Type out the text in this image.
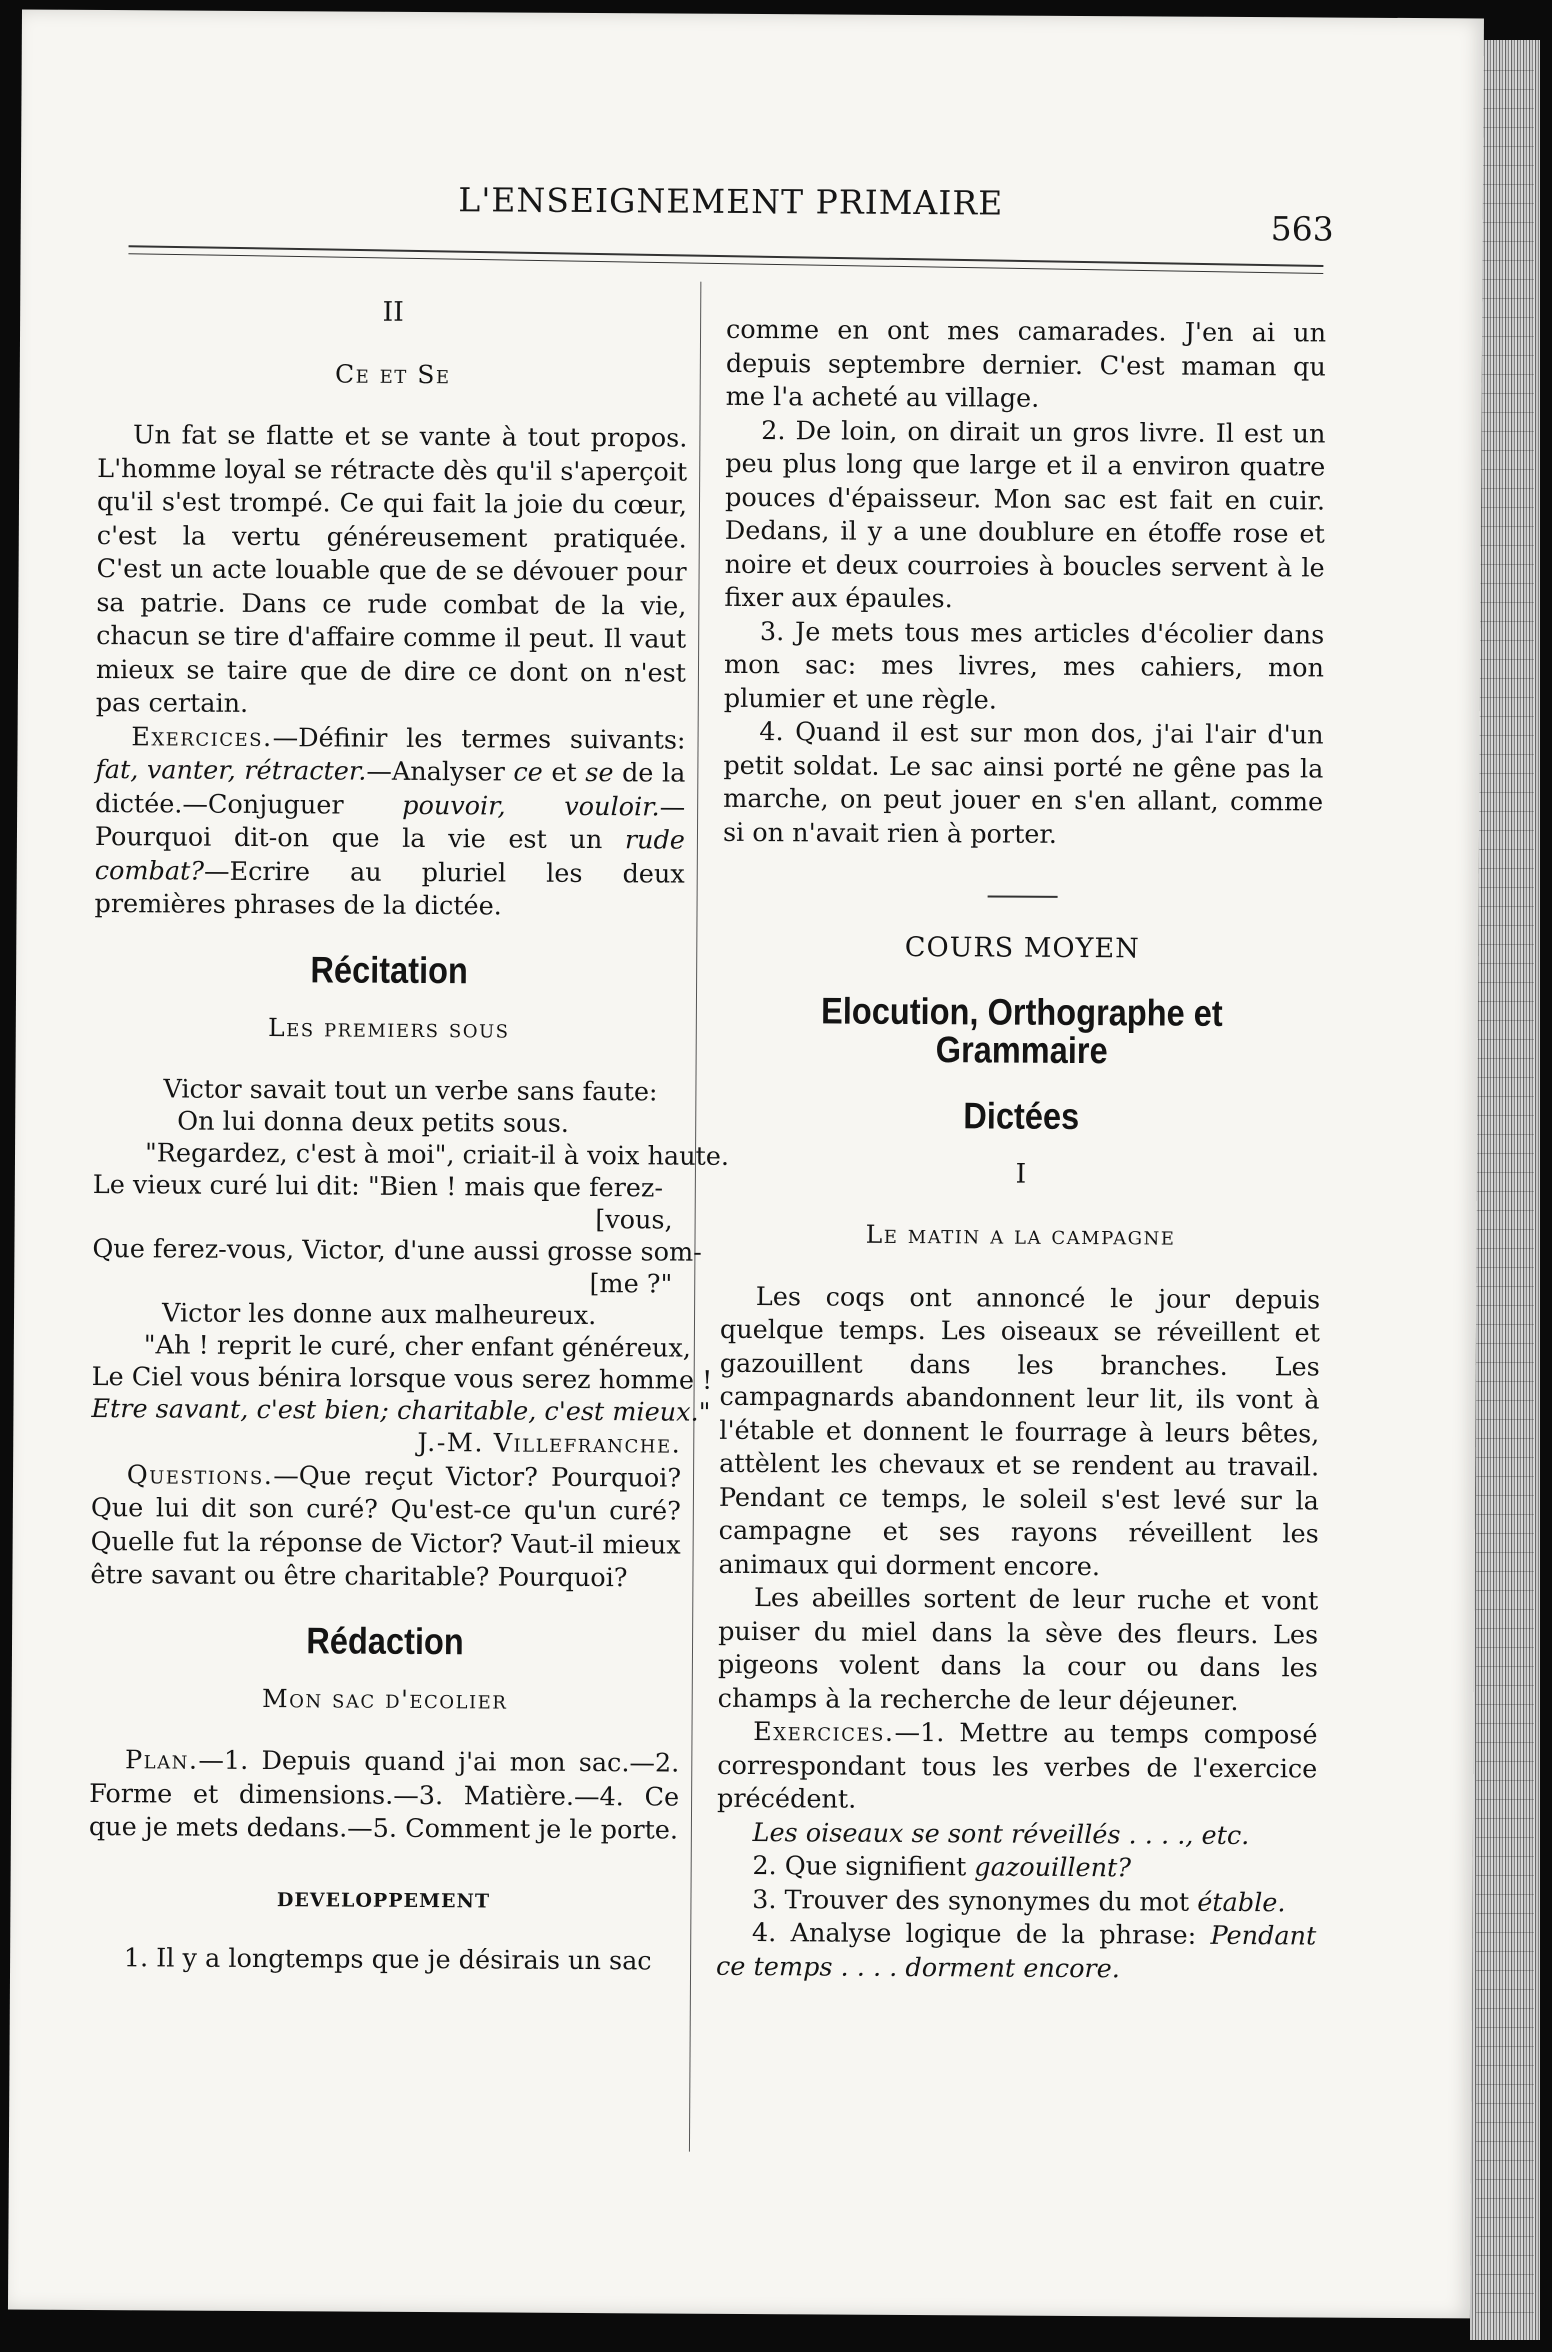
L'ENSEIGNEMENT PRIMAIRE
563

II

Ce et Se

Un fat se flatte et se vante à tout propos. L'homme loyal se rétracte dès qu'il s'aperçoit qu'il s'est trompé. Ce qui fait la joie du cœur, c'est la vertu généreusement pratiquée. C'est un acte louable que de se dévouer pour sa patrie. Dans ce rude combat de la vie, chacun se tire d'affaire comme il peut. Il vaut mieux se taire que de dire ce dont on n'est pas certain.

Exercices.—Définir les termes suivants: fat, vanter, rétracter.—Analyser ce et se de la dictée.—Conjuguer pouvoir, vouloir.—Pourquoi dit-on que la vie est un rude combat?—Ecrire au pluriel les deux premières phrases de la dictée.

Récitation

Les premiers sous

Victor savait tout un verbe sans faute:
On lui donna deux petits sous.
"Regardez, c'est à moi", criait-il à voix haute.
Le vieux curé lui dit: "Bien ! mais que ferez-
[vous,
Que ferez-vous, Victor, d'une aussi grosse som-
[me ?"
Victor les donne aux malheureux.
"Ah ! reprit le curé, cher enfant généreux,
Le Ciel vous bénira lorsque vous serez homme !
Etre savant, c'est bien; charitable, c'est mieux."

J.-M. Villefranche.

Questions.—Que reçut Victor? Pourquoi? Que lui dit son curé? Qu'est-ce qu'un curé? Quelle fut la réponse de Victor? Vaut-il mieux être savant ou être charitable? Pourquoi?

Rédaction

Mon sac d'ecolier

Plan.—1. Depuis quand j'ai mon sac.—2. Forme et dimensions.—3. Matière.—4. Ce que je mets dedans.—5. Comment je le porte.

DEVELOPPEMENT

1. Il y a longtemps que je désirais un sac

comme en ont mes camarades. J'en ai un depuis septembre dernier. C'est maman qu me l'a acheté au village.

2. De loin, on dirait un gros livre. Il est un peu plus long que large et il a environ quatre pouces d'épaisseur. Mon sac est fait en cuir. Dedans, il y a une doublure en étoffe rose et noire et deux courroies à boucles servent à le fixer aux épaules.

3. Je mets tous mes articles d'écolier dans mon sac: mes livres, mes cahiers, mon plumier et une règle.

4. Quand il est sur mon dos, j'ai l'air d'un petit soldat. Le sac ainsi porté ne gêne pas la marche, on peut jouer en s'en allant, comme si on n'avait rien à porter.

COURS MOYEN
Elocution, Orthographe et Grammaire
Dictées

I

Le matin a la campagne

Les coqs ont annoncé le jour depuis quelque temps. Les oiseaux se réveillent et gazouillent dans les branches. Les campagnards abandonnent leur lit, ils vont à l'étable et donnent le fourrage à leurs bêtes, attèlent les chevaux et se rendent au travail. Pendant ce temps, le soleil s'est levé sur la campagne et ses rayons réveillent les animaux qui dorment encore.

Les abeilles sortent de leur ruche et vont puiser du miel dans la sève des fleurs. Les pigeons volent dans la cour ou dans les champs à la recherche de leur déjeuner.

Exercices.—1. Mettre au temps composé correspondant tous les verbes de l'exercice précédent.

Les oiseaux se sont réveillés . . . ., etc.

2. Que signifient gazouillent?

3. Trouver des synonymes du mot étable.

4. Analyse logique de la phrase: Pendant ce temps . . . . dorment encore.
